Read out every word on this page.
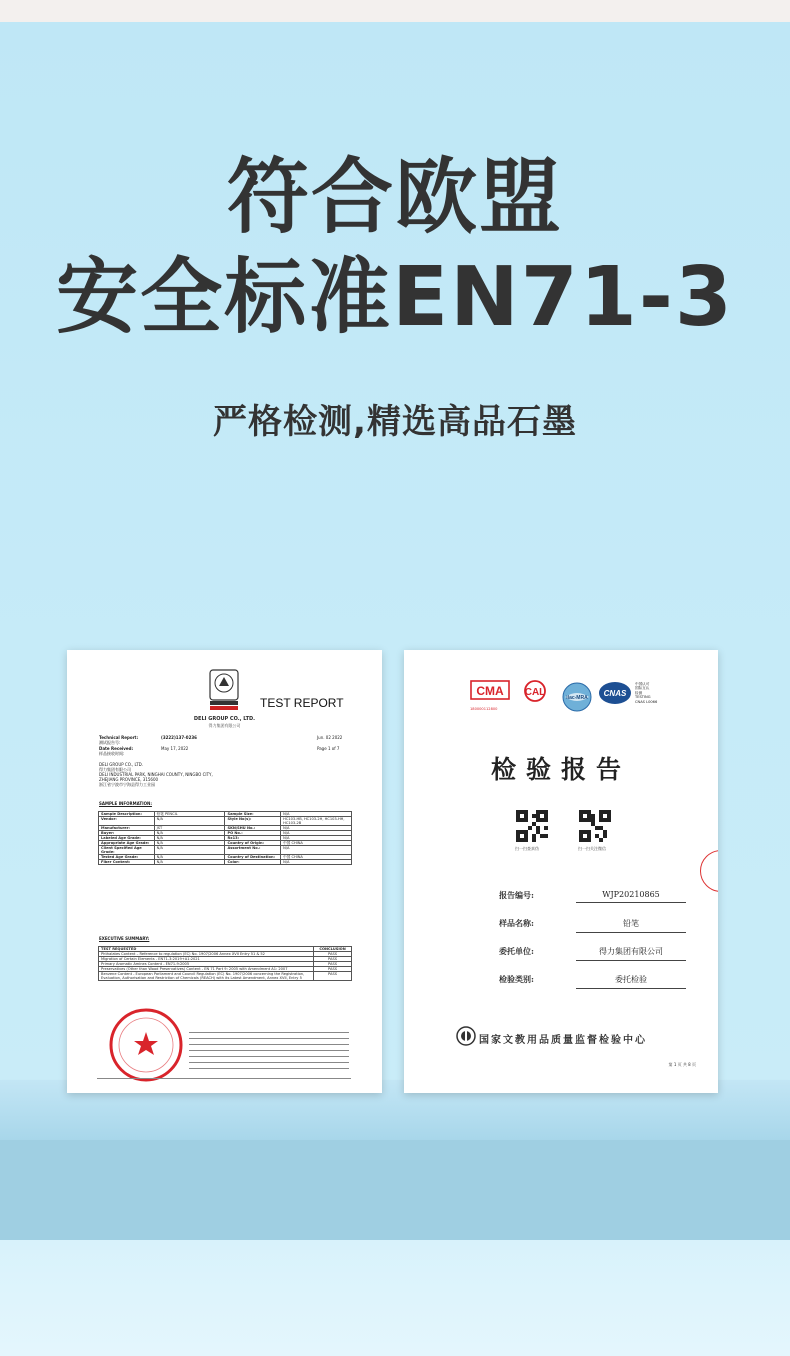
符合欧盟
安全标准EN71-3
严格检测,精选高品石墨
TEST REPORT
DELI GROUP CO., LTD.
得力集团有限公司
Technical Report:
测试报告号:
(3222)137-0236	Jun. 02 2022
Date Received:
样品接收时间:
May 17, 2022	Page 1 of 7
DELI GROUP CO., LTD.
得力集团有限公司
DELI INDUSTRIAL PARK, NINGHAI COUNTY, NINGBO CITY,
ZHEJIANG PROVINCE, 315600
浙江省宁波市宁海县得力工业园
SAMPLE INFORMATION:
Sample Description:	铅笔 PENCIL	Sample Size:	N/A
Vendor:	N/A	Style No(s):	HC103-HB, HC103-2H, HC103-HH, HC103-2B
Manufacturer:	JST	SKN/SHU No.:	N/A
Buyer:	N/A	PO No.:	N/A
Labeled Age Grade:	N/A	Rx13:	N/A
Appropriate Age Grade:	N/A	Country of Origin:	中国 CHINA
Client Specified Age Grade:	N/A	Assortment No.:	N/A
Tested Age Grade:	N/A	Country of Destination:	中国 CHINA
Fiber Content:	N/A	Color:	N/A
EXECUTIVE SUMMARY:
TEST REQUESTED	CONCLUSION
Phthalates Content – Reference to regulation (EC) No. 1907/2006 Annex XVII Entry 51 & 52	PASS
Migration of Certain Elements - EN71-3:2019+A1:2021	PASS
Primary Aromatic Amines Content - EN71-9:2005	PASS
Preservatives (Other than Wood Preservatives) Content - EN 71 Part 9: 2005 with Amendment A1: 2007	PASS
Benzene Content - European Parliament and Council Regulation (EC) No. 1907/2006 concerning the Registration, Evaluation, Authorisation and Restriction of Chemicals (REACH) with its Latest Amendment, Annex XVII, Entry 5	PASS
CMA
180000112800
CAL	ilac-MRA CNAS
中国认可
国际互认
检测
TESTING
CNAS L0066
检验报告
扫一扫查真伪	扫一扫关注微信
报告编号:	WJP20210865
样品名称:	铅笔
委托单位:	得力集团有限公司
检验类别:	委托检验
国家文教用品质量监督检验中心
第 1 页 共 8 页
